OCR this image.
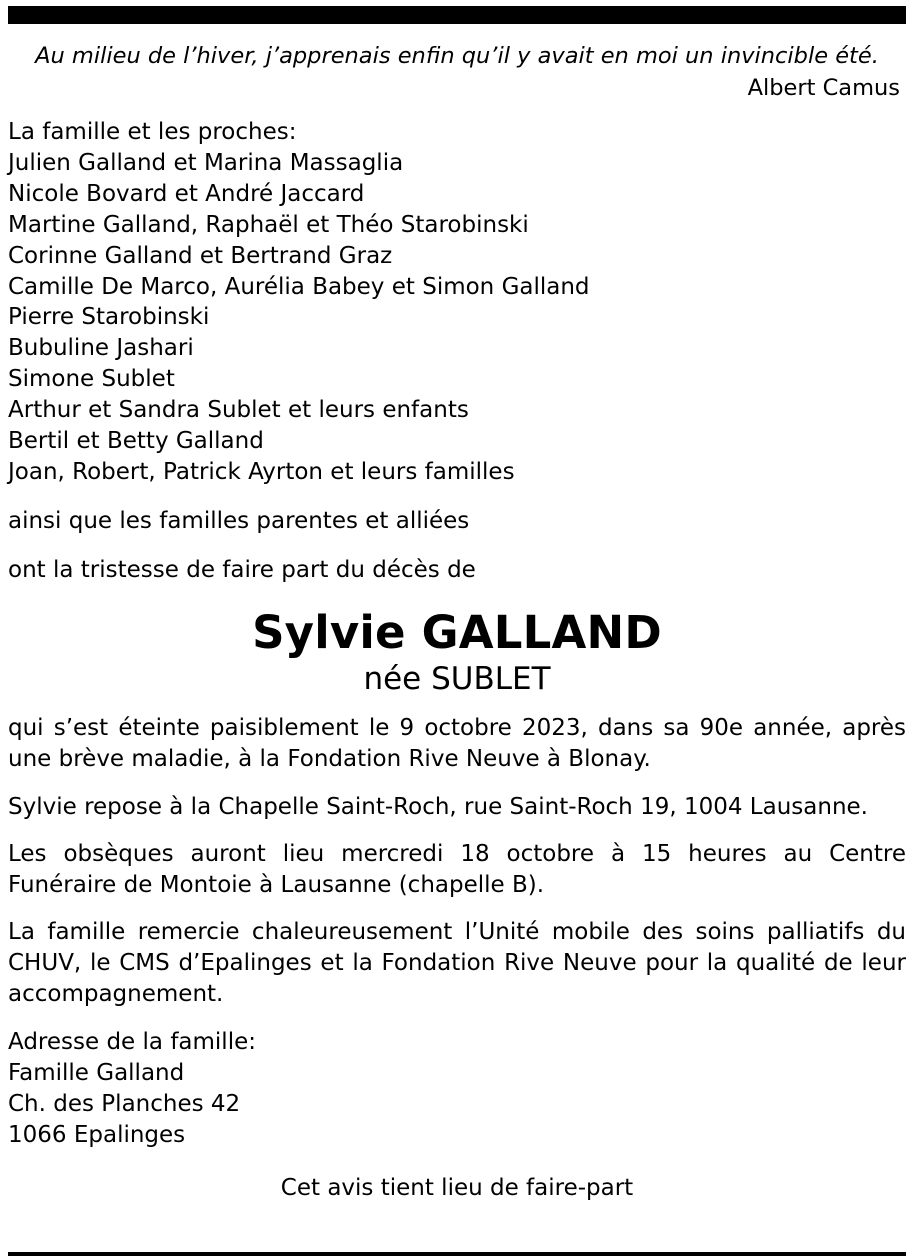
Au milieu de l’hiver, j’apprenais enfin qu’il y avait en moi un invincible été.
Albert Camus
La famille et les proches:
Julien Galland et Marina Massaglia
Nicole Bovard et André Jaccard
Martine Galland, Raphaël et Théo Starobinski
Corinne Galland et Bertrand Graz
Camille De Marco, Aurélia Babey et Simon Galland
Pierre Starobinski
Bubuline Jashari
Simone Sublet
Arthur et Sandra Sublet et leurs enfants
Bertil et Betty Galland
Joan, Robert, Patrick Ayrton et leurs familles
ainsi que les familles parentes et alliées
ont la tristesse de faire part du décès de
Sylvie GALLAND
née SUBLET
qui s’est éteinte paisiblement le 9 octobre 2023, dans sa 90e année, après une brève maladie, à la Fondation Rive Neuve à Blonay.
Sylvie repose à la Chapelle Saint-Roch, rue Saint-Roch 19, 1004 Lausanne.
Les obsèques auront lieu mercredi 18 octobre à 15 heures au Centre Funéraire de Montoie à Lausanne (chapelle B).
La famille remercie chaleureusement l’Unité mobile des soins palliatifs du CHUV, le CMS d’Epalinges et la Fondation Rive Neuve pour la qualité de leur accompagnement.
Adresse de la famille:
Famille Galland
Ch. des Planches 42
1066 Epalinges
Cet avis tient lieu de faire-part
